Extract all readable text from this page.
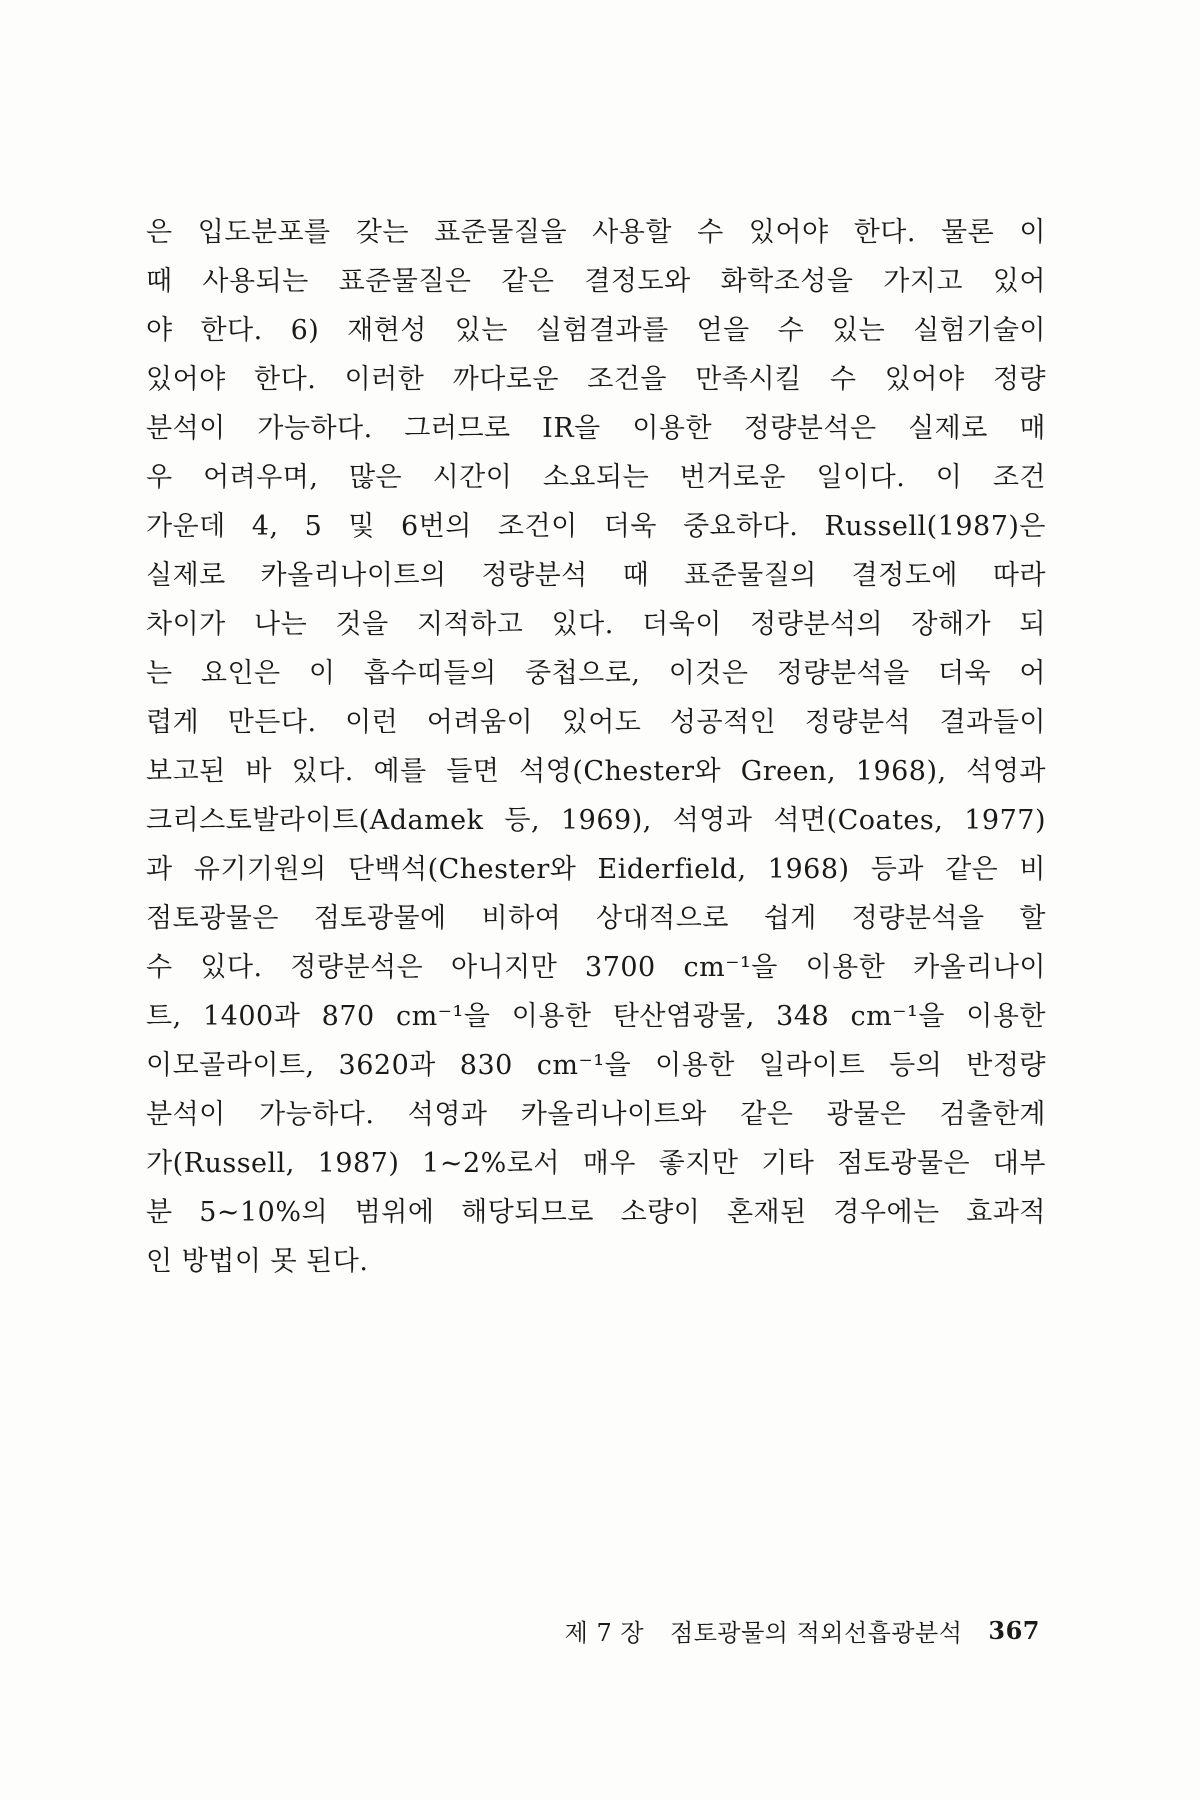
은 입도분포를 갖는 표준물질을 사용할 수 있어야 한다. 물론 이
때 사용되는 표준물질은 같은 결정도와 화학조성을 가지고 있어
야 한다. 6) 재현성 있는 실험결과를 얻을 수 있는 실험기술이
있어야 한다. 이러한 까다로운 조건을 만족시킬 수 있어야 정량
분석이 가능하다. 그러므로 IR을 이용한 정량분석은 실제로 매
우 어려우며, 많은 시간이 소요되는 번거로운 일이다. 이 조건
가운데 4, 5 및 6번의 조건이 더욱 중요하다. Russell(1987)은
실제로 카올리나이트의 정량분석 때 표준물질의 결정도에 따라
차이가 나는 것을 지적하고 있다. 더욱이 정량분석의 장해가 되
는 요인은 이 흡수띠들의 중첩으로, 이것은 정량분석을 더욱 어
렵게 만든다. 이런 어려움이 있어도 성공적인 정량분석 결과들이
보고된 바 있다. 예를 들면 석영(Chester와 Green, 1968), 석영과
크리스토발라이트(Adamek 등, 1969), 석영과 석면(Coates, 1977)
과 유기기원의 단백석(Chester와 Eiderfield, 1968) 등과 같은 비
점토광물은 점토광물에 비하여 상대적으로 쉽게 정량분석을 할
수 있다. 정량분석은 아니지만 3700 cm⁻¹을 이용한 카올리나이
트, 1400과 870 cm⁻¹을 이용한 탄산염광물, 348 cm⁻¹을 이용한
이모골라이트, 3620과 830 cm⁻¹을 이용한 일라이트 등의 반정량
분석이 가능하다. 석영과 카올리나이트와 같은 광물은 검출한계
가(Russell, 1987) 1~2%로서 매우 좋지만 기타 점토광물은 대부
분 5~10%의 범위에 해당되므로 소량이 혼재된 경우에는 효과적
인 방법이 못 된다.
제 7 장 점토광물의 적외선흡광분석 367
